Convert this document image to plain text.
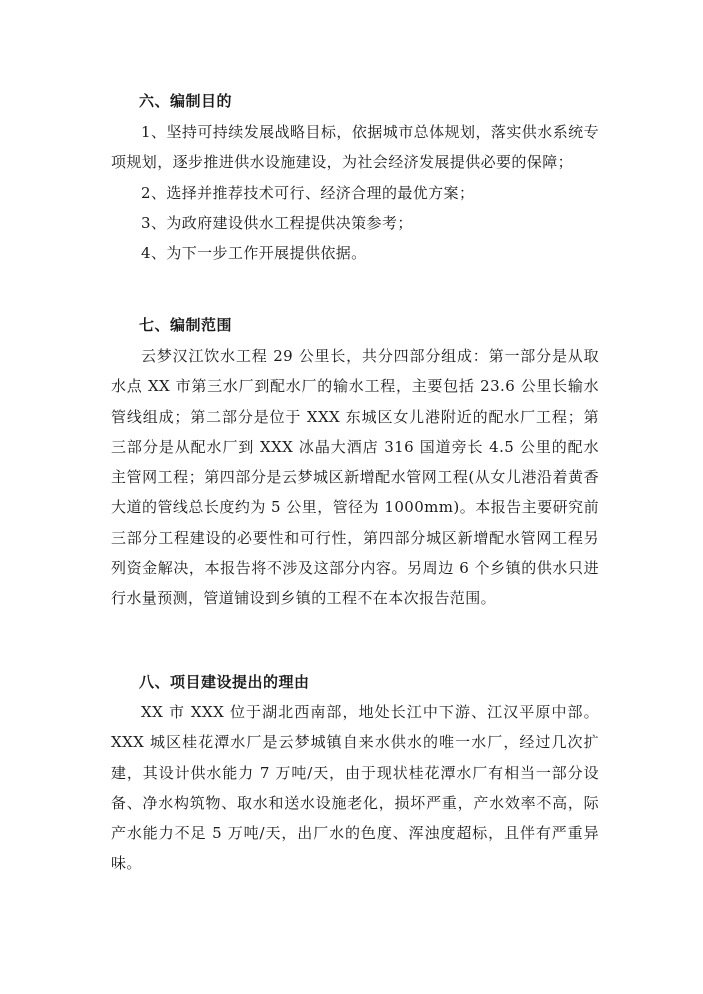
六、编制目的

1、坚持可持续发展战略目标，依据城市总体规划，落实供水系统专项规划，逐步推进供水设施建设，为社会经济发展提供必要的保障；

2、选择并推荐技术可行、经济合理的最优方案；

3、为政府建设供水工程提供决策参考；

4、为下一步工作开展提供依据。

七、编制范围

云梦汉江饮水工程 29 公里长，共分四部分组成：第一部分是从取水点 XX 市第三水厂到配水厂的输水工程，主要包括 23.6 公里长输水管线组成；第二部分是位于 XXX 东城区女儿港附近的配水厂工程；第三部分是从配水厂到 XXX 冰晶大酒店 316 国道旁长 4.5 公里的配水主管网工程；第四部分是云梦城区新增配水管网工程(从女儿港沿着黄香大道的管线总长度约为 5 公里，管径为 1000mm)。本报告主要研究前三部分工程建设的必要性和可行性，第四部分城区新增配水管网工程另列资金解决，本报告将不涉及这部分内容。另周边 6 个乡镇的供水只进行水量预测，管道铺设到乡镇的工程不在本次报告范围。

八、项目建设提出的理由

XX 市 XXX 位于湖北西南部，地处长江中下游、江汉平原中部。XXX 城区桂花潭水厂是云梦城镇自来水供水的唯一水厂，经过几次扩建，其设计供水能力 7 万吨/天，由于现状桂花潭水厂有相当一部分设备、净水构筑物、取水和送水设施老化，损坏严重，产水效率不高，际产水能力不足 5 万吨/天，出厂水的色度、浑浊度超标，且伴有严重异味。
